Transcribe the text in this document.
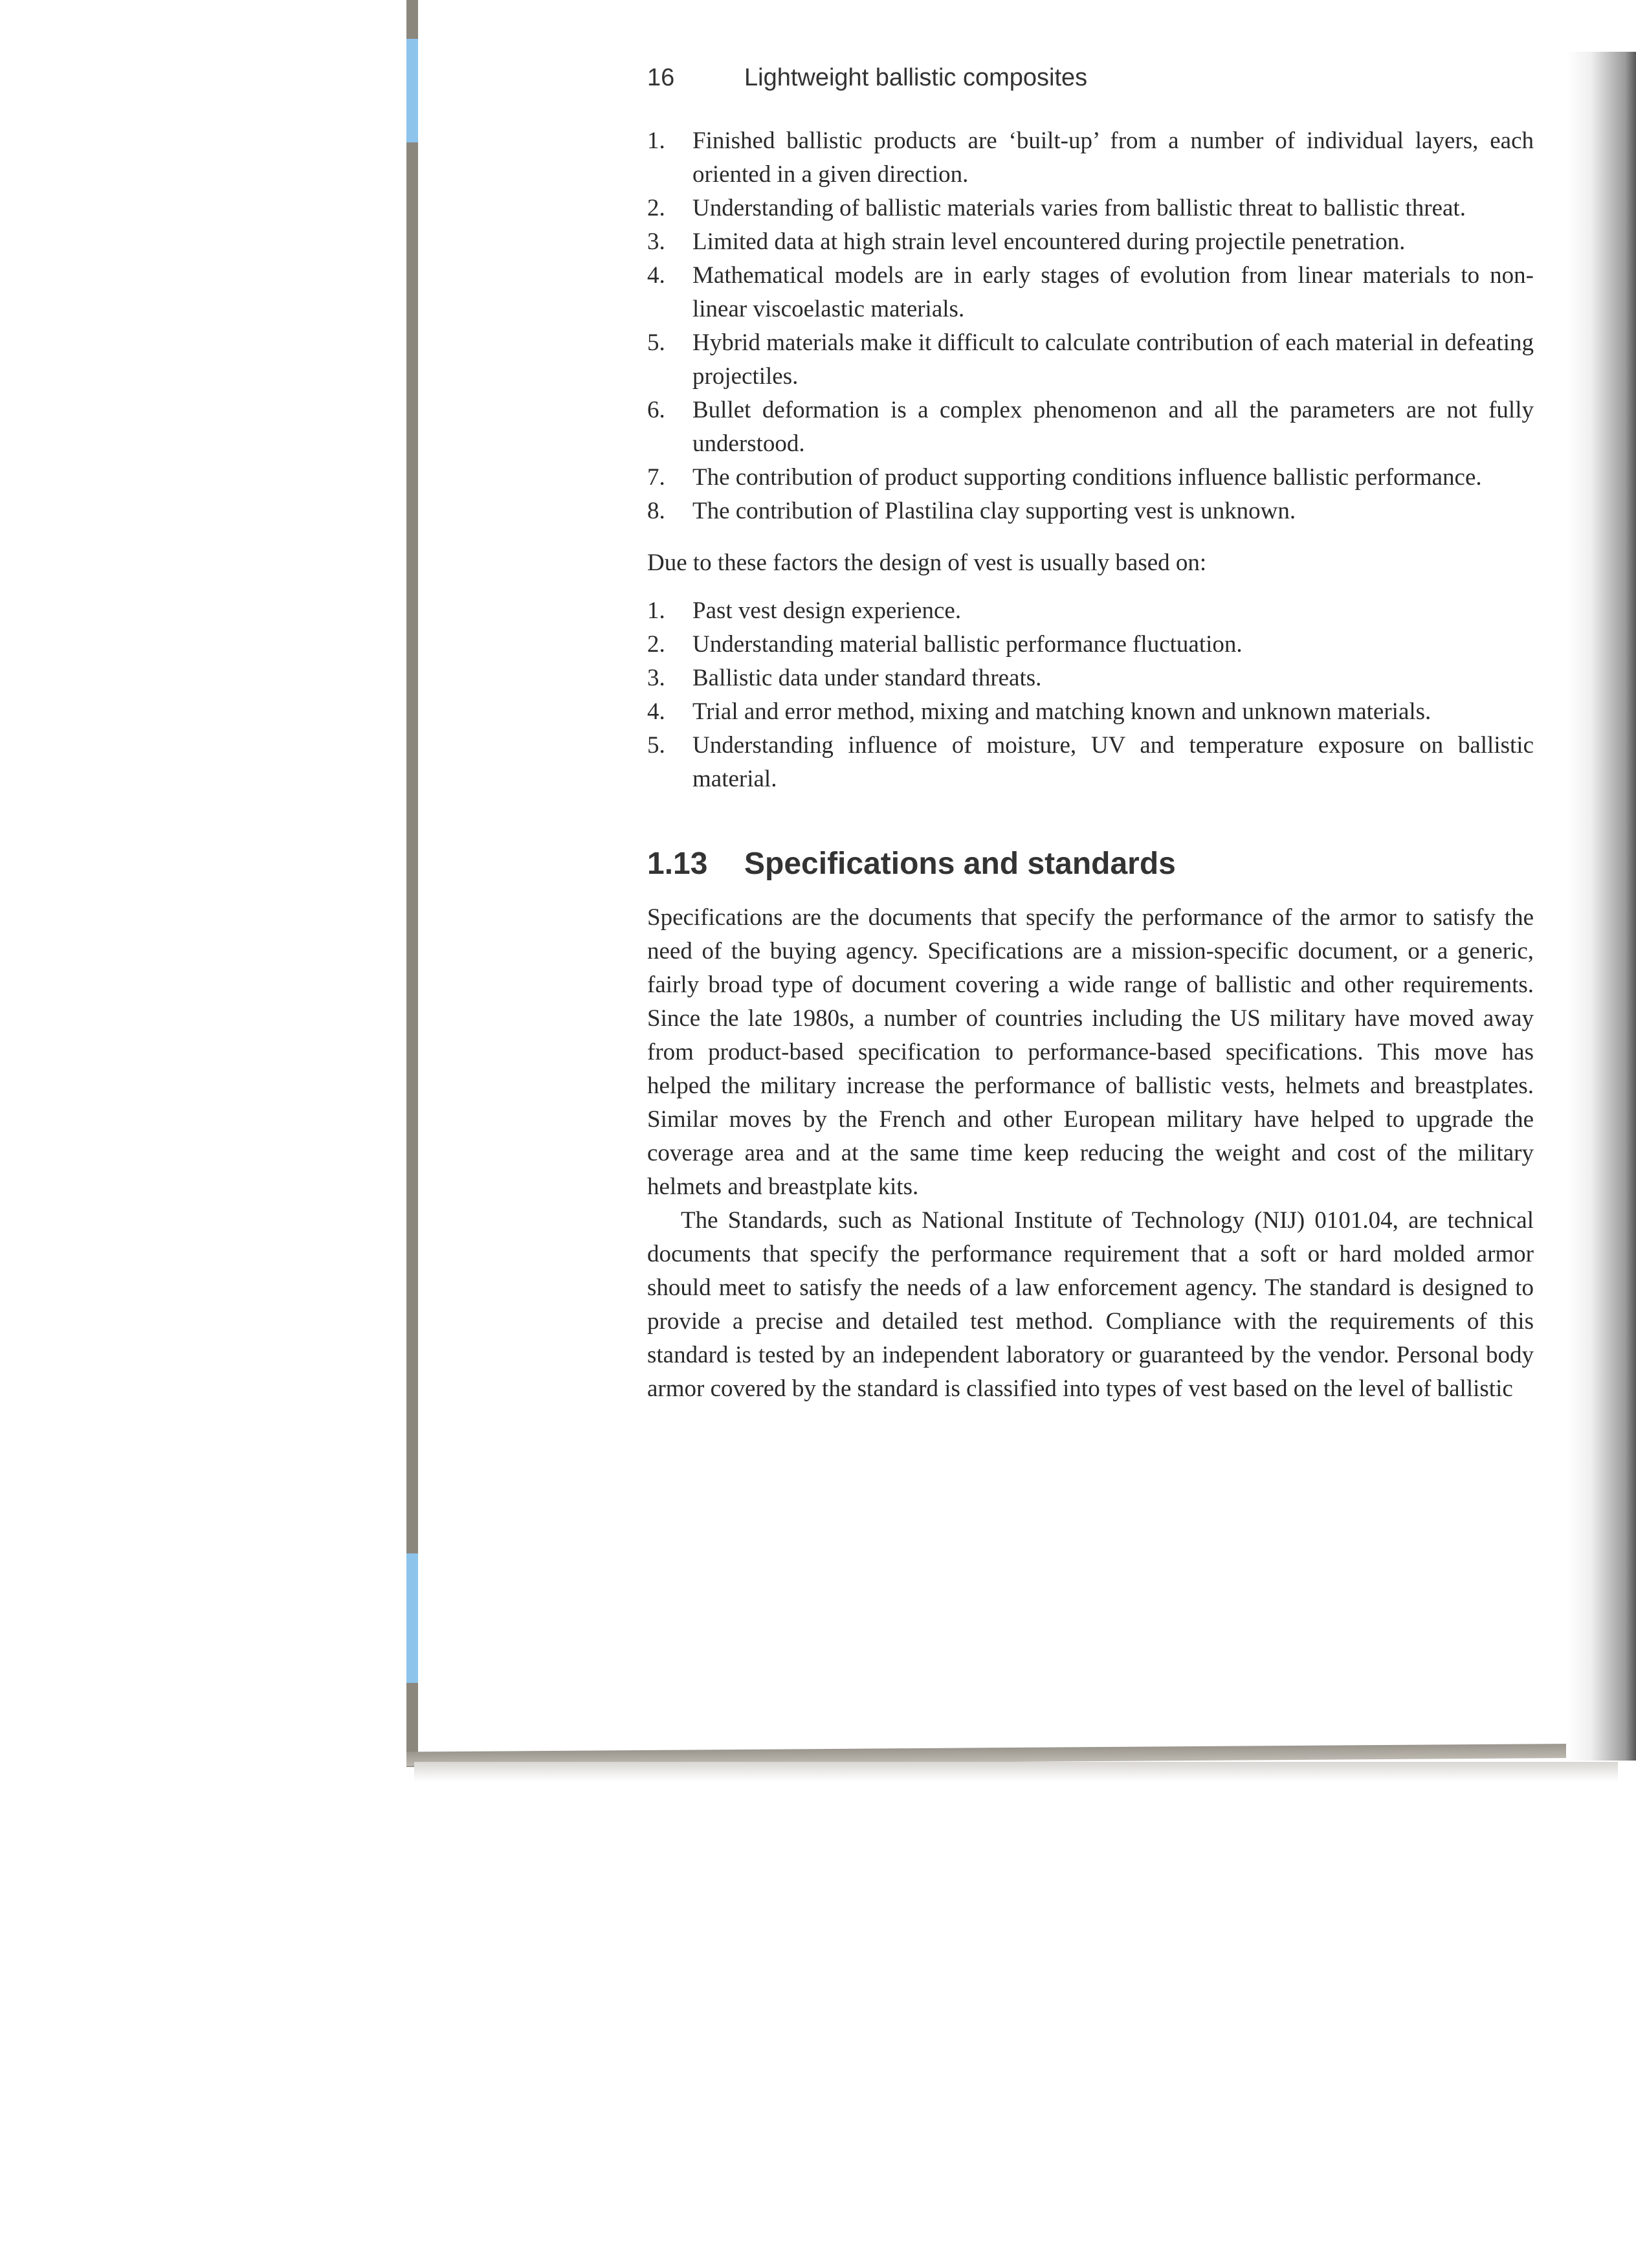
16	Lightweight ballistic composites
1.	Finished ballistic products are ‘built-up’ from a number of individual layers, each oriented in a given direction.
2.	Understanding of ballistic materials varies from ballistic threat to ballistic threat.
3.	Limited data at high strain level encountered during projectile penetration.
4.	Mathematical models are in early stages of evolution from linear materials to non-linear viscoelastic materials.
5.	Hybrid materials make it difficult to calculate contribution of each material in defeating projectiles.
6.	Bullet deformation is a complex phenomenon and all the parameters are not fully understood.
7.	The contribution of product supporting conditions influence ballistic performance.
8.	The contribution of Plastilina clay supporting vest is unknown.

Due to these factors the design of vest is usually based on:

1.	Past vest design experience.
2.	Understanding material ballistic performance fluctuation.
3.	Ballistic data under standard threats.
4.	Trial and error method, mixing and matching known and unknown materials.
5.	Understanding influence of moisture, UV and temperature exposure on ballistic material.
1.13 Specifications and standards

Specifications are the documents that specify the performance of the armor to satisfy the need of the buying agency. Specifications are a mission-specific document, or a generic, fairly broad type of document covering a wide range of ballistic and other requirements. Since the late 1980s, a number of countries including the US military have moved away from product-based specification to performance-based specifications. This move has helped the military increase the performance of ballistic vests, helmets and breastplates. Similar moves by the French and other European military have helped to upgrade the coverage area and at the same time keep reducing the weight and cost of the military helmets and breastplate kits.

The Standards, such as National Institute of Technology (NIJ) 0101.04, are technical documents that specify the performance requirement that a soft or hard molded armor should meet to satisfy the needs of a law enforcement agency. The standard is designed to provide a precise and detailed test method. Compliance with the requirements of this standard is tested by an independent laboratory or guaranteed by the vendor. Personal body armor covered by the standard is classified into types of vest based on the level of ballistic
